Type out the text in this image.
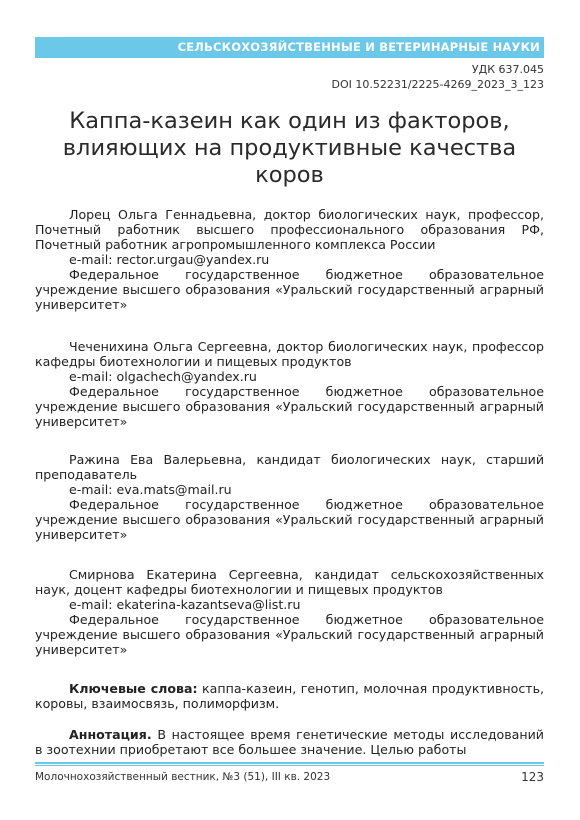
СЕЛЬСКОХОЗЯЙСТВЕННЫЕ И ВЕТЕРИНАРНЫЕ НАУКИ
УДК 637.045
DOI 10.52231/2225-4269_2023_3_123
Каппа-казеин как один из факторов, влияющих на продуктивные качества коров

Лорец Ольга Геннадьевна, доктор биологических наук, профессор, Почетный работник высшего профессионального образования РФ, Почетный работник агропромышленного комплекса России

e-mail: rector.urgau@yandex.ru

Федеральное государственное бюджетное образовательное учреждение высшего образования «Уральский государственный аграрный университет»

Чеченихина Ольга Сергеевна, доктор биологических наук, профессор кафедры биотехнологии и пищевых продуктов

e-mail: olgachech@yandex.ru

Федеральное государственное бюджетное образовательное учреждение высшего образования «Уральский государственный аграрный университет»

Ражина Ева Валерьевна, кандидат биологических наук, старший преподаватель

e-mail: eva.mats@mail.ru

Федеральное государственное бюджетное образовательное учреждение высшего образования «Уральский государственный аграрный университет»

Смирнова Екатерина Сергеевна, кандидат сельскохозяйственных наук, доцент кафедры биотехнологии и пищевых продуктов

e-mail: ekaterina-kazantseva@list.ru

Федеральное государственное бюджетное образовательное учреждение высшего образования «Уральский государственный аграрный университет»

Ключевые слова: каппа-казеин, генотип, молочная продуктивность, коровы, взаимосвязь, полиморфизм.

Аннотация. В настоящее время генетические методы исследований в зоотехнии приобретают все большее значение. Целью работы

Молочнохозяйственный вестник, №3 (51), III кв. 2023	123
